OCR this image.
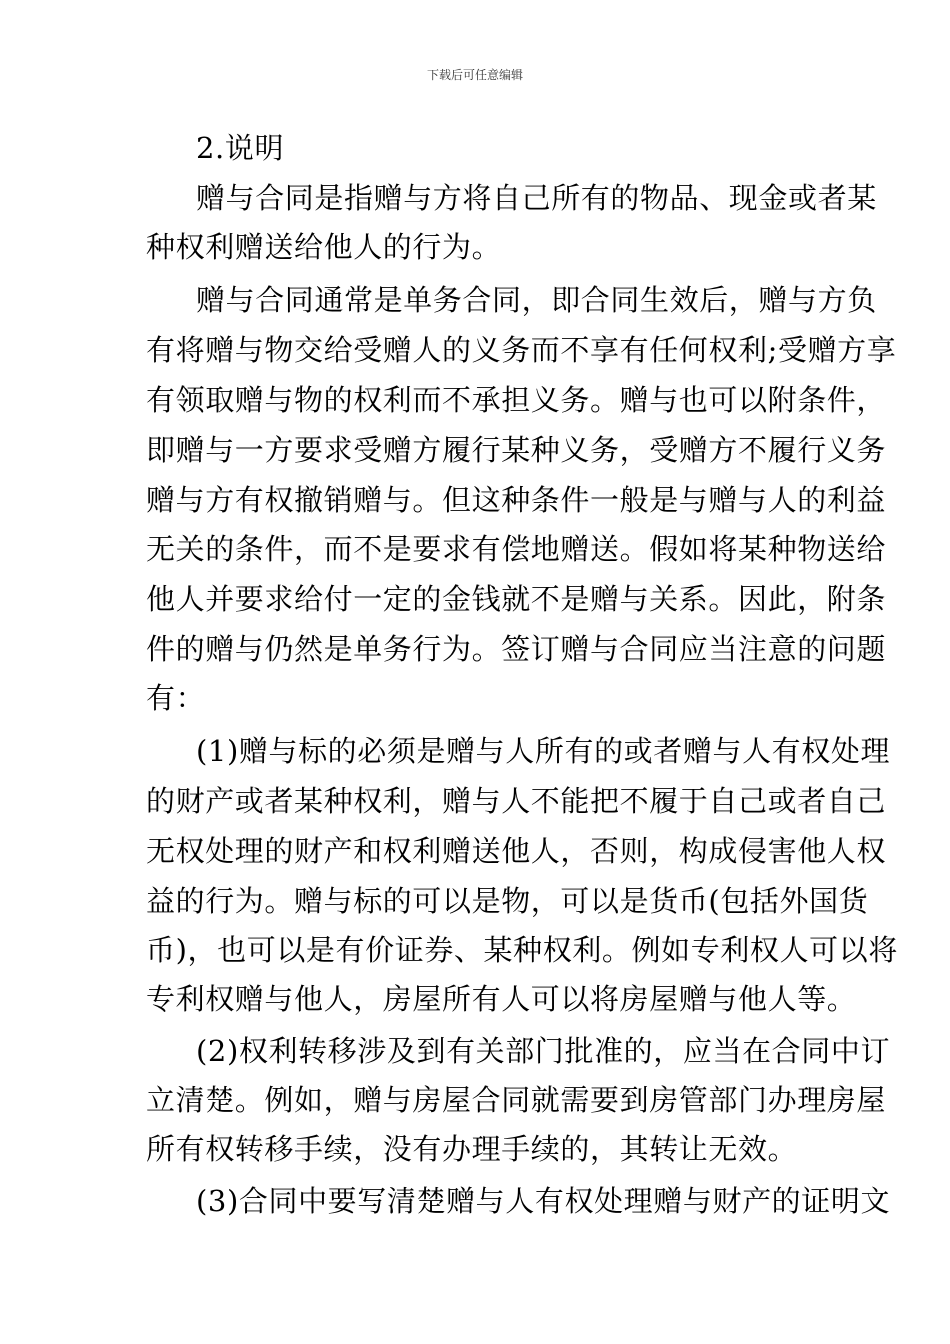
下载后可任意编辑
2.说明
赠与合同是指赠与方将自己所有的物品、现金或者某
种权利赠送给他人的行为。
赠与合同通常是单务合同，即合同生效后，赠与方负
有将赠与物交给受赠人的义务而不享有任何权利;受赠方享
有领取赠与物的权利而不承担义务。赠与也可以附条件，
即赠与一方要求受赠方履行某种义务，受赠方不履行义务
赠与方有权撤销赠与。但这种条件一般是与赠与人的利益
无关的条件，而不是要求有偿地赠送。假如将某种物送给
他人并要求给付一定的金钱就不是赠与关系。因此，附条
件的赠与仍然是单务行为。签订赠与合同应当注意的问题
有：
(1)赠与标的必须是赠与人所有的或者赠与人有权处理
的财产或者某种权利，赠与人不能把不履于自己或者自己
无权处理的财产和权利赠送他人，否则，构成侵害他人权
益的行为。赠与标的可以是物，可以是货币(包括外国货
币)，也可以是有价证券、某种权利。例如专利权人可以将
专利权赠与他人，房屋所有人可以将房屋赠与他人等。
(2)权利转移涉及到有关部门批准的，应当在合同中订
立清楚。例如，赠与房屋合同就需要到房管部门办理房屋
所有权转移手续，没有办理手续的，其转让无效。
(3)合同中要写清楚赠与人有权处理赠与财产的证明文
